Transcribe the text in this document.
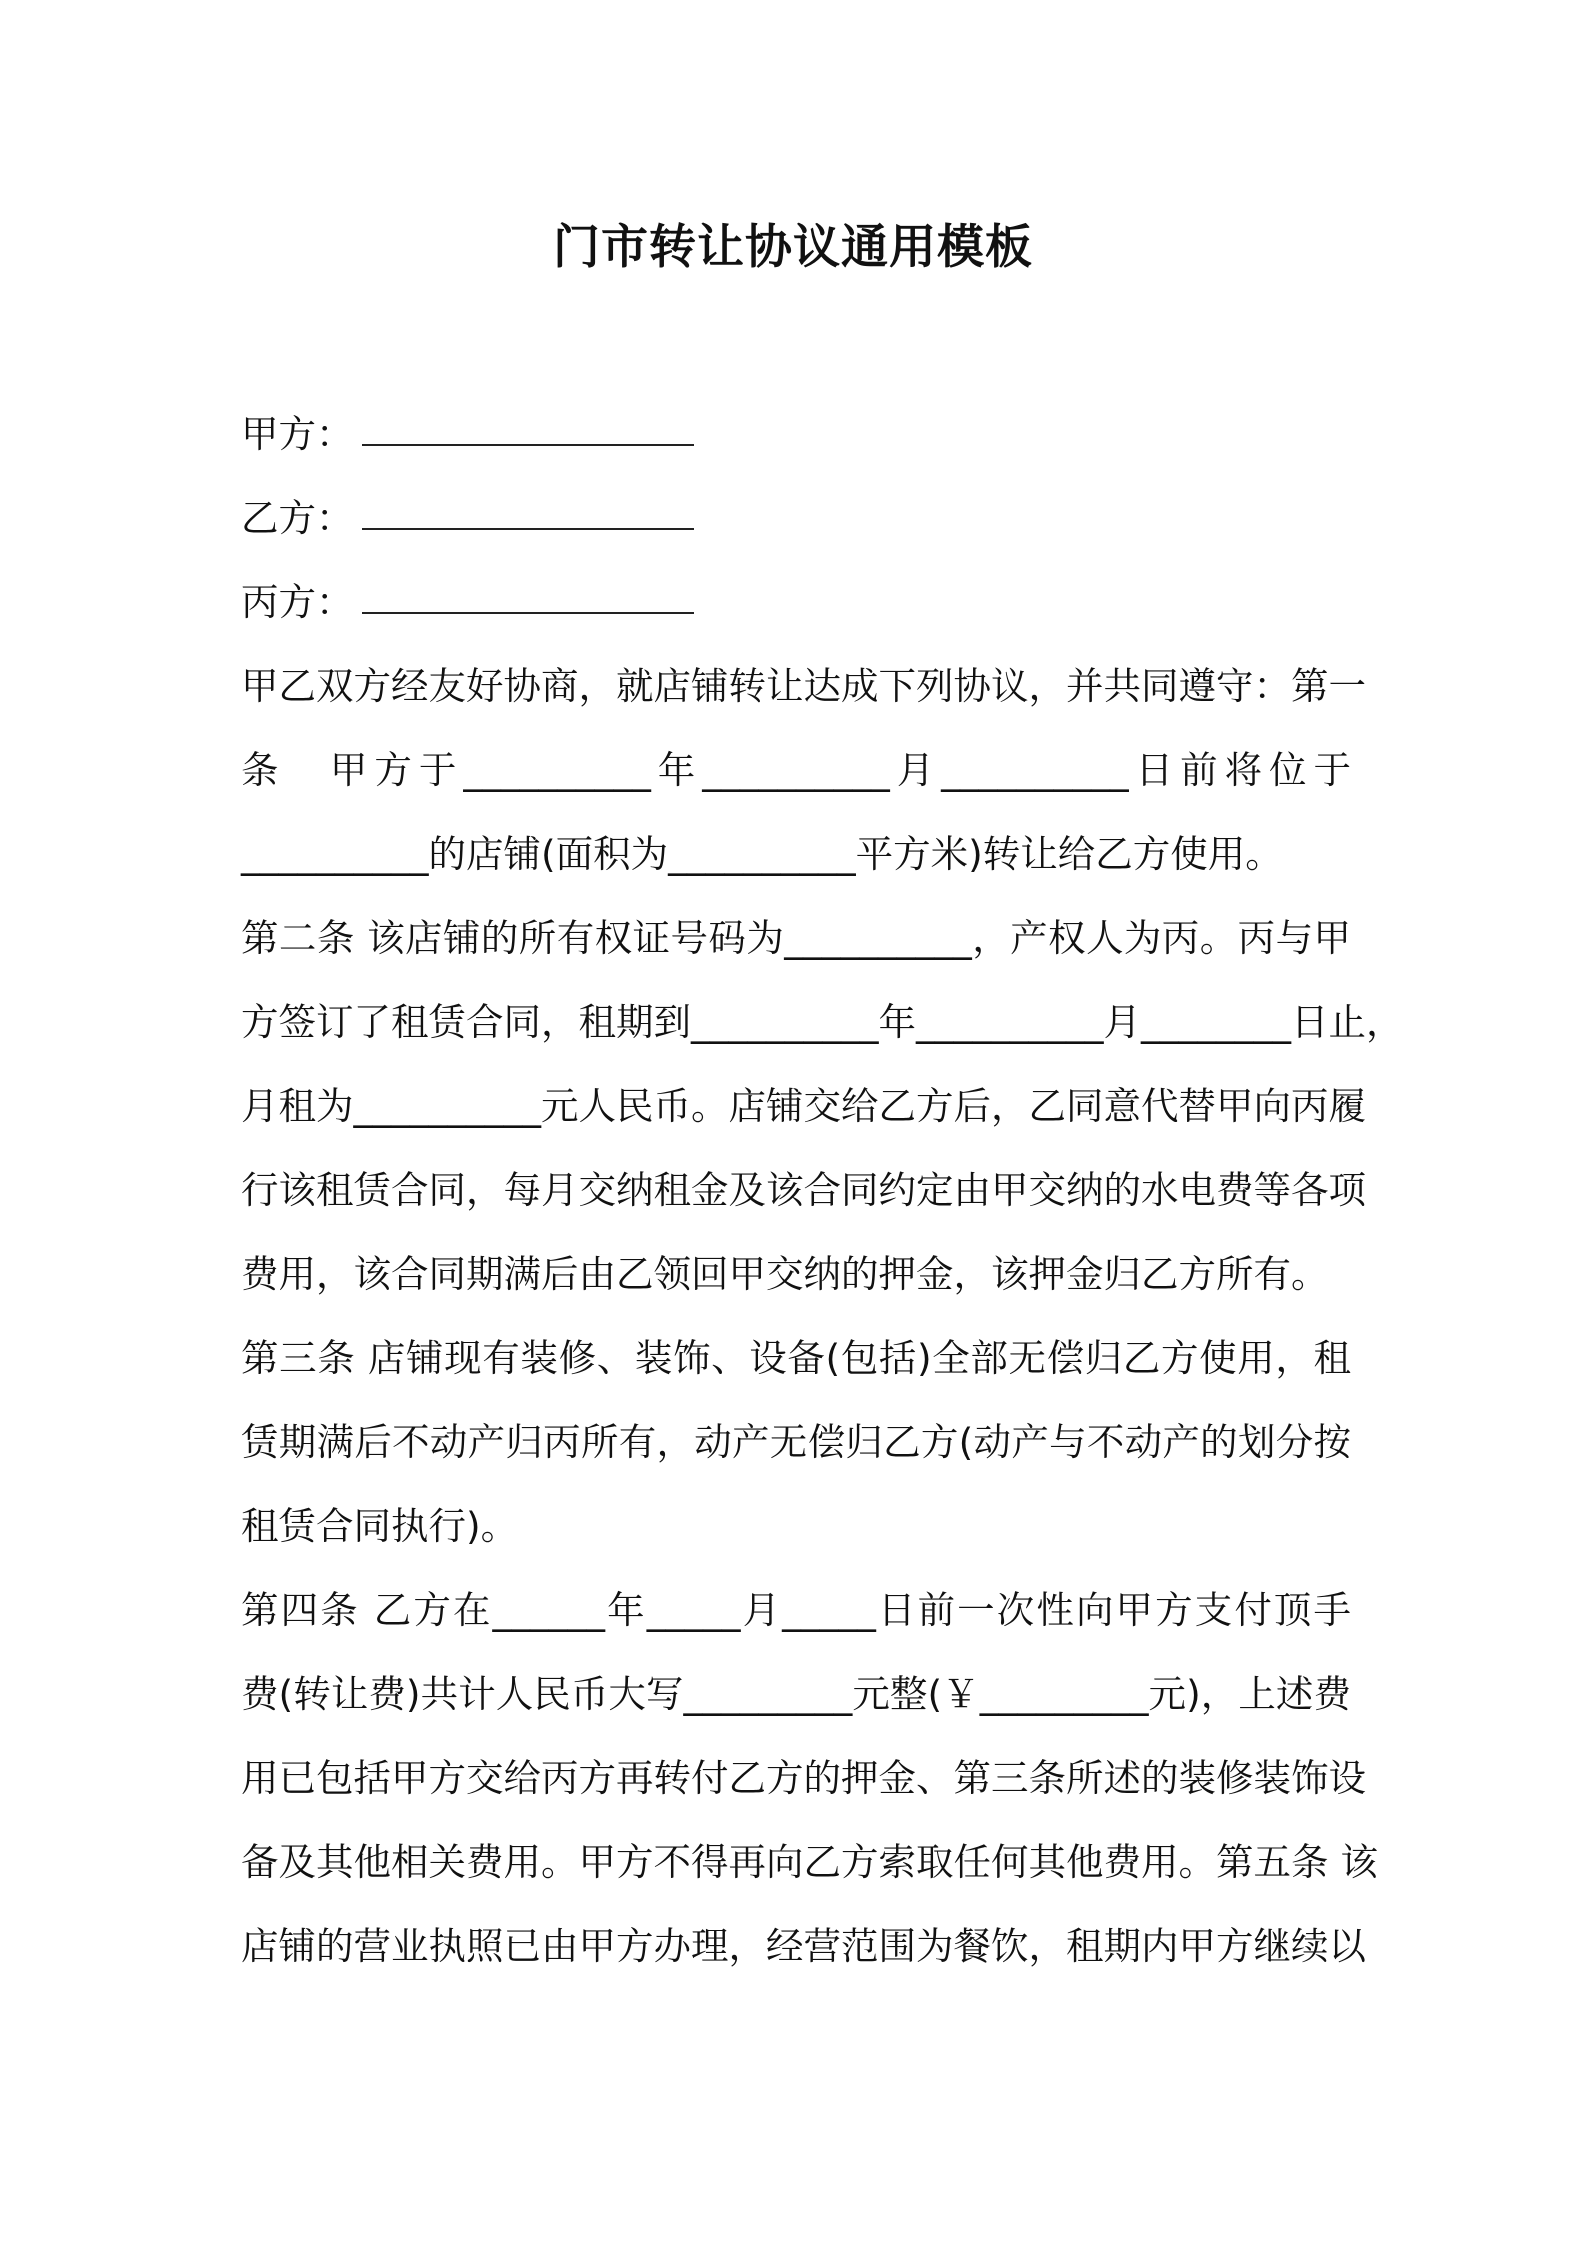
门市转让协议通用模板
甲方：
乙方：
丙方：
甲乙双方经友好协商，就店铺转让达成下列协议，并共同遵守：第一
条　甲方于__________年__________月__________日前将位于
__________的店铺(面积为__________平方米)转让给乙方使用。
第二条 该店铺的所有权证号码为__________，产权人为丙。丙与甲
方签订了租赁合同，租期到__________年__________月________日止，
月租为__________元人民币。店铺交给乙方后，乙同意代替甲向丙履
行该租赁合同，每月交纳租金及该合同约定由甲交纳的水电费等各项
费用，该合同期满后由乙领回甲交纳的押金，该押金归乙方所有。
第三条 店铺现有装修、装饰、设备(包括)全部无偿归乙方使用，租
赁期满后不动产归丙所有，动产无偿归乙方(动产与不动产的划分按
租赁合同执行)。
第四条 乙方在______年_____月_____日前一次性向甲方支付顶手
费(转让费)共计人民币大写_________元整(￥_________元)，上述费
用已包括甲方交给丙方再转付乙方的押金、第三条所述的装修装饰设
备及其他相关费用。甲方不得再向乙方索取任何其他费用。第五条 该
店铺的营业执照已由甲方办理，经营范围为餐饮，租期内甲方继续以
